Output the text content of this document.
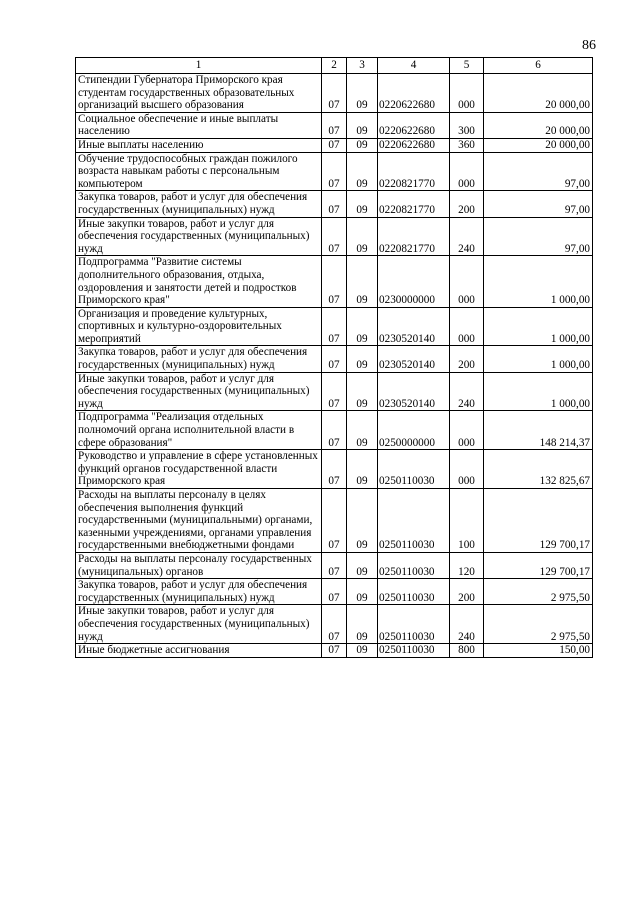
86
1	2	3	4	5	6
Стипендии Губернатора Приморского края студентам государственных образовательных организаций высшего образования	07	09	0220622680	000	20 000,00
Социальное обеспечение и иные выплаты населению	07	09	0220622680	300	20 000,00
Иные выплаты населению	07	09	0220622680	360	20 000,00
Обучение трудоспособных граждан пожилого возраста навыкам работы с персональным компьютером	07	09	0220821770	000	97,00
Закупка товаров, работ и услуг для обеспечения государственных (муниципальных) нужд	07	09	0220821770	200	97,00
Иные закупки товаров, работ и услуг для обеспечения государственных (муниципальных) нужд	07	09	0220821770	240	97,00
Подпрограмма "Развитие системы дополнительного образования, отдыха, оздоровления и занятости детей и подростков Приморского края"	07	09	0230000000	000	1 000,00
Организация и проведение культурных, спортивных и культурно-оздоровительных мероприятий	07	09	0230520140	000	1 000,00
Закупка товаров, работ и услуг для обеспечения государственных (муниципальных) нужд	07	09	0230520140	200	1 000,00
Иные закупки товаров, работ и услуг для обеспечения государственных (муниципальных) нужд	07	09	0230520140	240	1 000,00
Подпрограмма "Реализация отдельных полномочий органа исполнительной власти в сфере образования"	07	09	0250000000	000	148 214,37
Руководство и управление в сфере установленных функций органов государственной власти Приморского края	07	09	0250110030	000	132 825,67
Расходы на выплаты персоналу в целях обеспечения выполнения функций государственными (муниципальными) органами, казенными учреждениями, органами управления государственными внебюджетными фондами	07	09	0250110030	100	129 700,17
Расходы на выплаты персоналу государственных (муниципальных) органов	07	09	0250110030	120	129 700,17
Закупка товаров, работ и услуг для обеспечения государственных (муниципальных) нужд	07	09	0250110030	200	2 975,50
Иные закупки товаров, работ и услуг для обеспечения государственных (муниципальных) нужд	07	09	0250110030	240	2 975,50
Иные бюджетные ассигнования	07	09	0250110030	800	150,00
